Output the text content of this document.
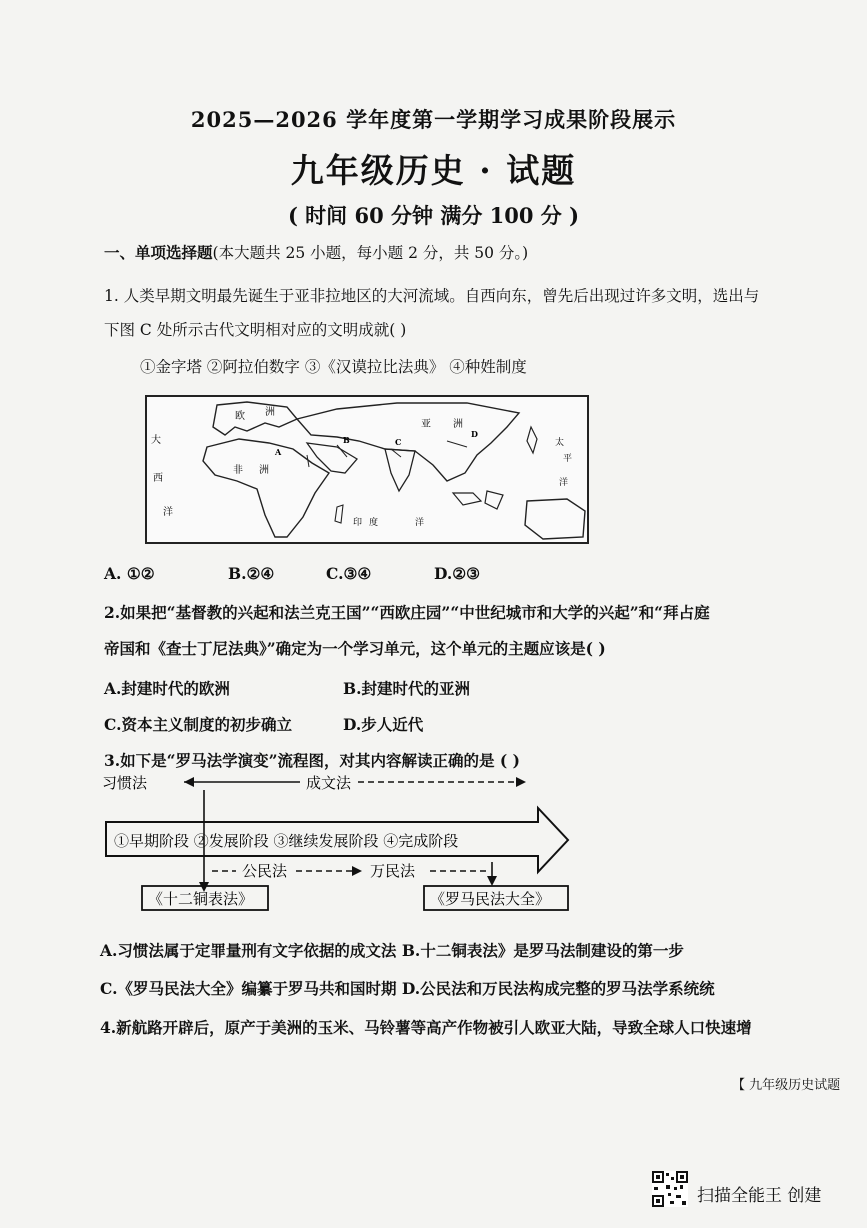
2025—2026 学年度第一学期学习成果阶段展示
九年级历史 · 试题
( 时间 60 分钟 满分 100 分 )
一、单项选择题(本大题共 25 小题，每小题 2 分，共 50 分。)
1. 人类早期文明最先诞生于亚非拉地区的大河流域。自西向东，曾先后出现过许多文明，选出与
下图 C 处所示古代文明相对应的文明成就( )
①金字塔 ②阿拉伯数字 ③《汉谟拉比法典》 ④种姓制度
欧 洲
亚 洲
非 洲
大
西
洋
印 度	洋
太
平
洋
A
B	C
D
A. ①②	B.②④	C.③④	D.②③
2.如果把“基督教的兴起和法兰克王国”“西欧庄园”“中世纪城市和大学的兴起”和“拜占庭
帝国和《查士丁尼法典》”确定为一个学习单元，这个单元的主题应该是( )
A.封建时代的欧洲	B.封建时代的亚洲
C.资本主义制度的初步确立	D.步人近代
3.如下是“罗马法学演变”流程图，对其内容解读正确的是 ( )
习惯法	成文法
①早期阶段 ②发展阶段 ③继续发展阶段 ④完成阶段
公民法	万民法
《十二铜表法》	《罗马民法大全》
A.习惯法属于定罪量刑有文字依据的成文法 B.十二铜表法》是罗马法制建设的第一步
C.《罗马民法大全》编纂于罗马共和国时期 D.公民法和万民法构成完整的罗马法学系统统
4.新航路开辟后，原产于美洲的玉米、马铃薯等高产作物被引人欧亚大陆，导致全球人口快速增
【 九年级历史试题
扫描全能王 创建
